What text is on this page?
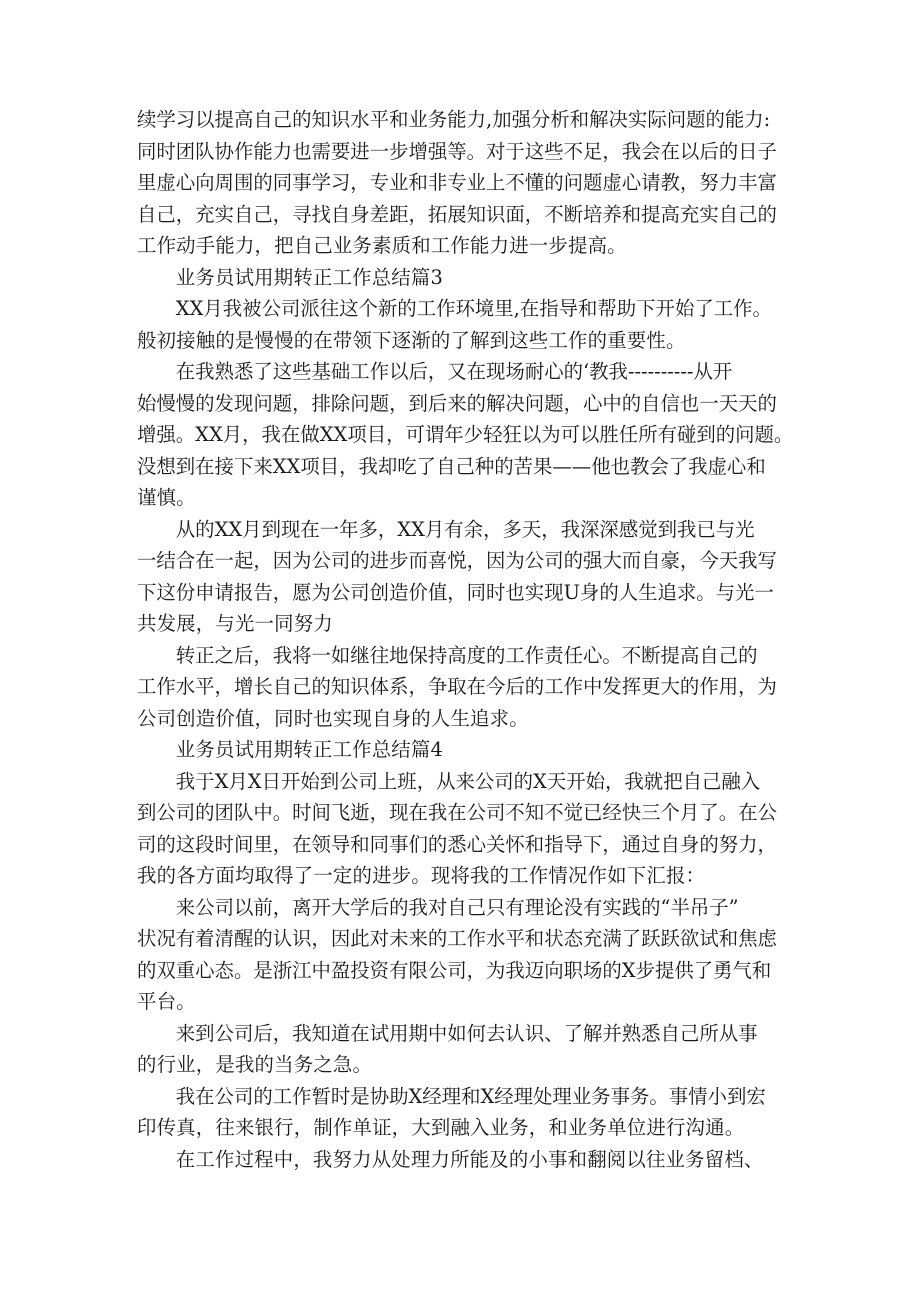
续学习以提高自己的知识水平和业务能力,加强分析和解决实际问题的能力:
同时团队协作能力也需要进一步增强等。对于这些不足，我会在以后的日子
里虚心向周围的同事学习，专业和非专业上不懂的问题虚心请教，努力丰富
自己，充实自己，寻找自身差距，拓展知识面，不断培养和提高充实自己的
工作动手能力，把自己业务素质和工作能力进一步提高。
业务员试用期转正工作总结篇3
XX月我被公司派往这个新的工作环境里,在指导和帮助下开始了工作。
般初接触的是慢慢的在带领下逐渐的了解到这些工作的重要性。
在我熟悉了这些基础工作以后，又在现场耐心的‘教我----------从开
始慢慢的发现问题，排除问题，到后来的解决问题，心中的自信也一天天的
增强。XX月，我在做XX项目，可谓年少轻狂以为可以胜任所有碰到的问题。
没想到在接下来XX项目，我却吃了自己种的苦果——他也教会了我虚心和
谨慎。
从的XX月到现在一年多，XX月有余，多天，我深深感觉到我已与光
一结合在一起，因为公司的进步而喜悦，因为公司的强大而自豪，今天我写
下这份申请报告，愿为公司创造价值，同时也实现U身的人生追求。与光一
共发展，与光一同努力
转正之后，我将一如继往地保持高度的工作责任心。不断提高自己的
工作水平，增长自己的知识体系，争取在今后的工作中发挥更大的作用，为
公司创造价值，同时也实现自身的人生追求。
业务员试用期转正工作总结篇4
我于X月X日开始到公司上班，从来公司的X天开始，我就把自己融入
到公司的团队中。时间飞逝，现在我在公司不知不觉已经快三个月了。在公
司的这段时间里，在领导和同事们的悉心关怀和指导下，通过自身的努力，
我的各方面均取得了一定的进步。现将我的工作情况作如下汇报：
来公司以前，离开大学后的我对自己只有理论没有实践的“半吊子”
状况有着清醒的认识，因此对未来的工作水平和状态充满了跃跃欲试和焦虑
的双重心态。是浙江中盈投资有限公司，为我迈向职场的X步提供了勇气和
平台。
来到公司后，我知道在试用期中如何去认识、了解并熟悉自己所从事
的行业，是我的当务之急。
我在公司的工作暂时是协助X经理和X经理处理业务事务。事情小到宏
印传真，往来银行，制作单证，大到融入业务，和业务单位进行沟通。
在工作过程中，我努力从处理力所能及的小事和翻阅以往业务留档、
